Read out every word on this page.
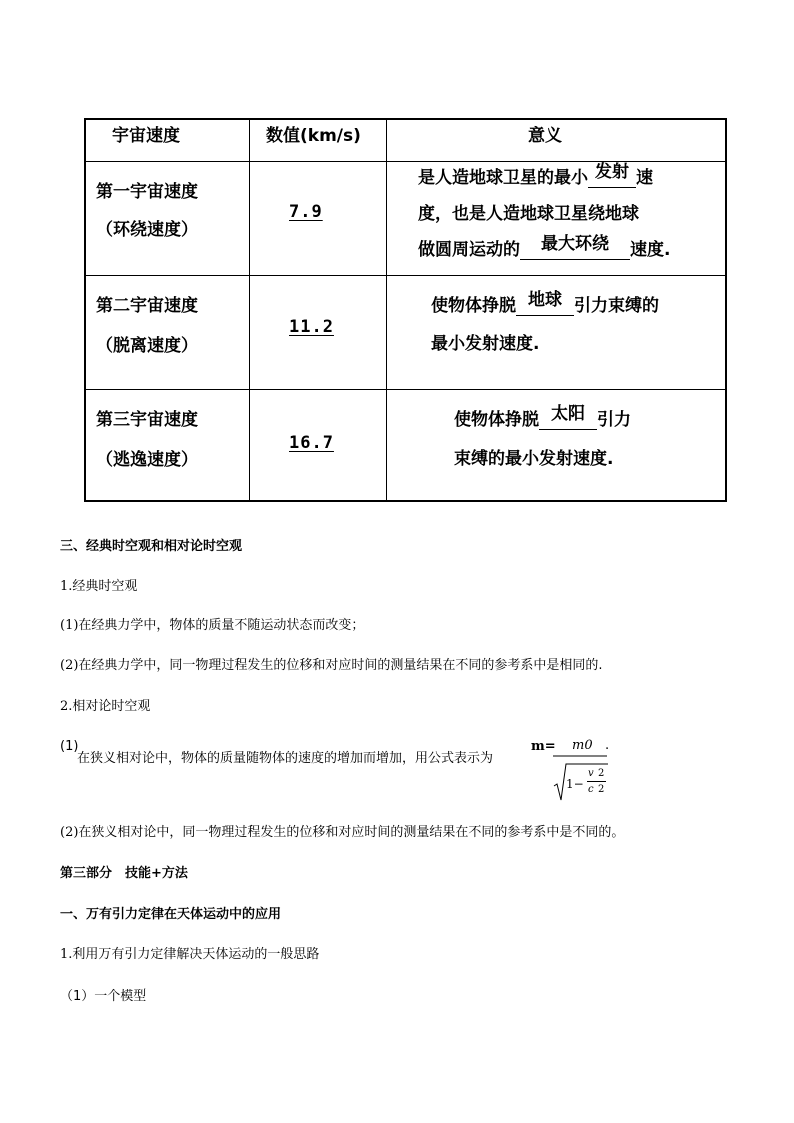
宇宙速度	数值(km/s)	意义
第一宇宙速度
（环绕速度）
7.9
是人造地球卫星的最小 发射 速
度，也是人造地球卫星绕地球
做圆周运动的 最大环绕 速度.
第二宇宙速度
（脱离速度）
11.2
使物体挣脱 地球 引力束缚的
最小发射速度.
第三宇宙速度
（逃逸速度）
16.7
使物体挣脱 太阳 引力
束缚的最小发射速度.
三、经典时空观和相对论时空观
1.经典时空观
(1)在经典力学中，物体的质量不随运动状态而改变；
(2)在经典力学中，同一物理过程发生的位移和对应时间的测量结果在不同的参考系中是相同的.
2.相对论时空观
(1)
在狭义相对论中，物体的质量随物体的速度的增加而增加，用公式表示为
m= m0 .
1−
v 2
c 2
(2)在狭义相对论中，同一物理过程发生的位移和对应时间的测量结果在不同的参考系中是不同的。
第三部分　技能+方法
一、万有引力定律在天体运动中的应用
1.利用万有引力定律解决天体运动的一般思路
（1）一个模型
